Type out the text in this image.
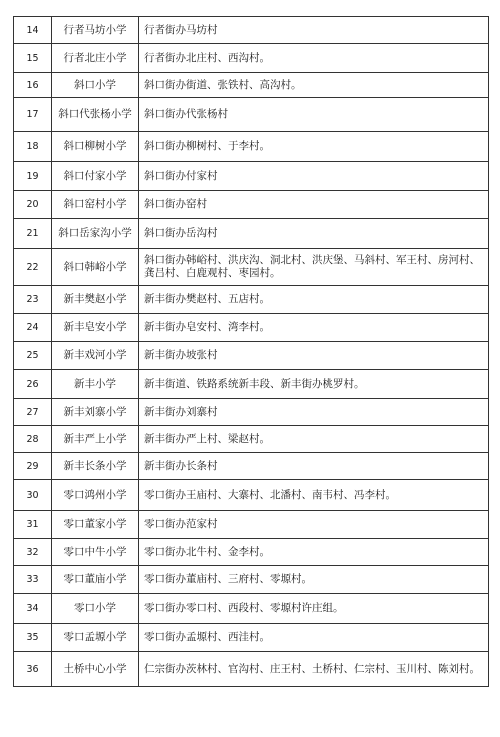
14	行者马坊小学	行者街办马坊村
15	行者北庄小学	行者街办北庄村、西沟村。
16	斜口小学	斜口街办街道、张铁村、高沟村。
17	斜口代张杨小学	斜口街办代张杨村
18	斜口柳树小学	斜口街办柳树村、于李村。
19	斜口付家小学	斜口街办付家村
20	斜口窑村小学	斜口街办窑村
21	斜口岳家沟小学	斜口街办岳沟村
22	斜口韩峪小学	斜口街办韩峪村、洪庆沟、洞北村、洪庆堡、马斜村、军王村、房河村、龚吕村、白鹿观村、枣园村。
23	新丰樊赵小学	新丰街办樊赵村、五店村。
24	新丰皂安小学	新丰街办皂安村、湾李村。
25	新丰戏河小学	新丰街办坡张村
26	新丰小学	新丰街道、铁路系统新丰段、新丰街办桃罗村。
27	新丰刘寨小学	新丰街办刘寨村
28	新丰严上小学	新丰街办严上村、梁赵村。
29	新丰长条小学	新丰街办长条村
30	零口鸿州小学	零口街办王庙村、大寨村、北潘村、南韦村、冯李村。
31	零口董家小学	零口街办范家村
32	零口中牛小学	零口街办北牛村、金李村。
33	零口董庙小学	零口街办董庙村、三府村、零塬村。
34	零口小学	零口街办零口村、西段村、零塬村许庄组。
35	零口孟塬小学	零口街办孟塬村、西洼村。
36	土桥中心小学	仁宗街办茨林村、官沟村、庄王村、土桥村、仁宗村、玉川村、陈刘村。
